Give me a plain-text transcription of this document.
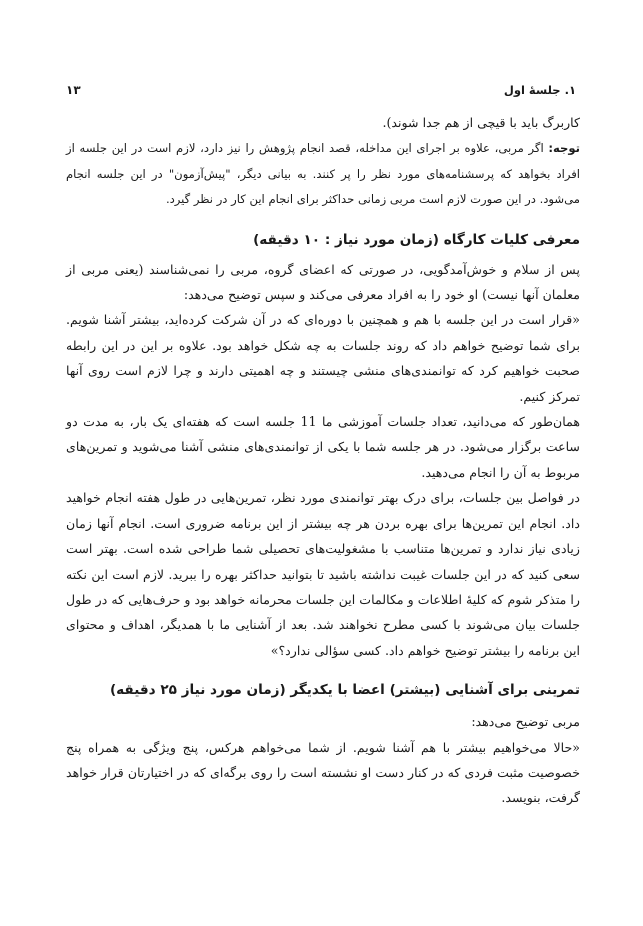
۱. جلسهٔ اول
۱۳

کاربرگ باید با قیچی از هم جدا شوند).

توجه: اگر مربی، علاوه بر اجرای این مداخله، قصد انجام پژوهش را نیز دارد، لازم است در این جلسه از افراد بخواهد که پرسشنامه‌های مورد نظر را پر کنند. به بیانی دیگر، "پیش‌آزمون" در این جلسه انجام می‌شود. در این صورت لازم است مربی زمانی حداکثر برای انجام این کار در نظر گیرد.

معرفی کلیات کارگاه (زمان مورد نیاز : ۱۰ دقیقه)

پس از سلام و خوش‌آمدگویی، در صورتی که اعضای گروه، مربی را نمی‌شناسند (یعنی مربی از معلمان آنها نیست) او خود را به افراد معرفی می‌کند و سپس توضیح می‌دهد:

«قرار است در این جلسه با هم و همچنین با دوره‌ای که در آن شرکت کرده‌اید، بیشتر آشنا شویم. برای شما توضیح خواهم داد که روند جلسات به چه شکل خواهد بود. علاوه بر این در این رابطه صحبت خواهیم کرد که توانمندی‌های منشی چیستند و چه اهمیتی دارند و چرا لازم است روی آنها تمرکز کنیم.

همان‌طور که می‌دانید، تعداد جلسات آموزشی ما 11 جلسه است که هفته‌ای یک بار، به مدت دو ساعت برگزار می‌شود. در هر جلسه شما با یکی از توانمندی‌های منشی آشنا می‌شوید و تمرین‌های مربوط به آن را انجام می‌دهید.

در فواصل بین جلسات، برای درک بهتر توانمندی مورد نظر، تمرین‌هایی در طول هفته انجام خواهید داد. انجام این تمرین‌ها برای بهره بردن هر چه بیشتر از این برنامه ضروری است. انجام آنها زمان زیادی نیاز ندارد و تمرین‌ها متناسب با مشغولیت‌های تحصیلی شما طراحی شده است. بهتر است سعی کنید که در این جلسات غیبت نداشته باشید تا بتوانید حداکثر بهره را ببرید. لازم است این نکته را متذکر شوم که کلیهٔ اطلاعات و مکالمات این جلسات محرمانه خواهد بود و حرف‌هایی که در طول جلسات بیان می‌شوند با کسی مطرح نخواهند شد. بعد از آشنایی ما با همدیگر، اهداف و محتوای این برنامه را بیشتر توضیح خواهم داد. کسی سؤالی ندارد؟»

تمرینی برای آشنایی (بیشتر) اعضا با یکدیگر (زمان مورد نیاز ۲۵ دقیقه)

مربی توضیح می‌دهد:

«حالا می‌خواهیم بیشتر با هم آشنا شویم. از شما می‌خواهم هرکس، پنج ویژگی به همراه پنج خصوصیت مثبت فردی که در کنار دست او نشسته است را روی برگه‌ای که در اختیارتان قرار خواهد گرفت، بنویسد.
